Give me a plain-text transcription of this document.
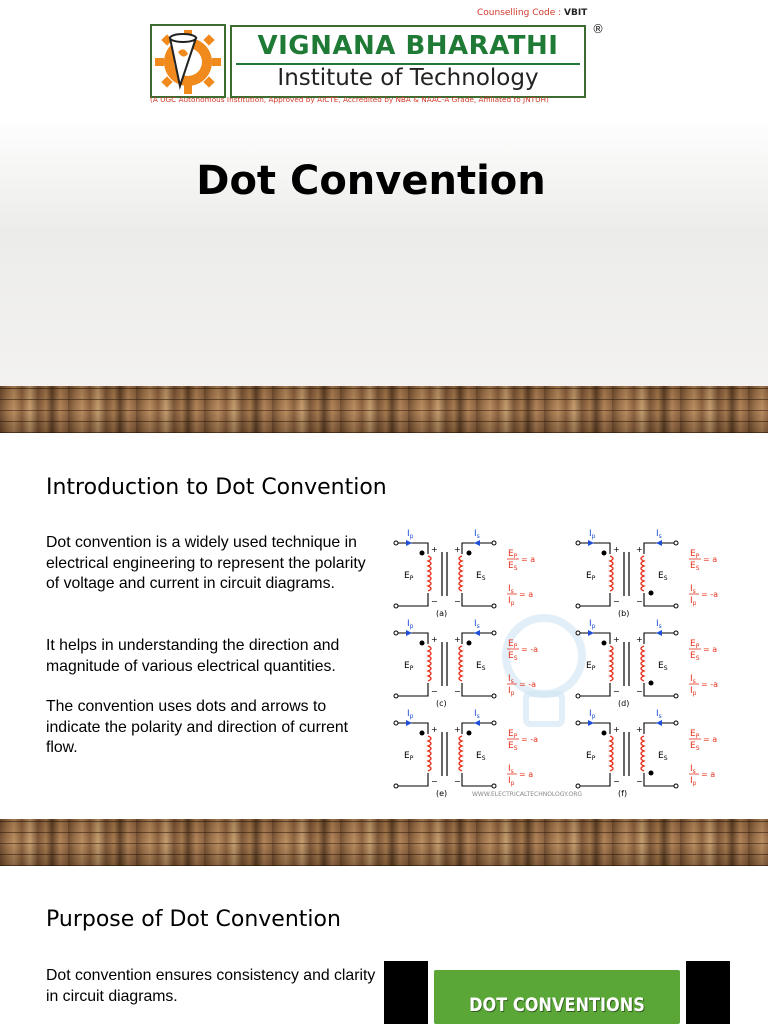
Counselling Code : VBIT
®
VIGNANA BHARATHI
Institute of Technology
(A UGC Autonomous Institution, Approved by AICTE, Accredited by NBA & NAAC-A Grade, Affiliated to JNTUH)
Dot Convention
Introduction to Dot Convention
Dot convention is a widely used technique in electrical engineering to represent the polarity of voltage and current in circuit diagrams.
It helps in understanding the direction and magnitude of various electrical quantities.
The convention uses dots and arrows to indicate the polarity and direction of current flow.
+ +
− −
$I_p$	$I_s$
$E_P$	$E_S$
$E_P$
$E_S$
= a
$I_s$
$I_p$
= a
(a)
+ +
− −
$I_p$	$I_s$
$E_P$	$E_S$
$E_P$
$E_S$
= a
$I_s$
$I_p$
= -a
(b)
+ +
− −
$I_p$	$I_s$
$E_P$	$E_S$
$E_P$
$E_S$
= -a
$I_s$
$I_p$
= -a
(c)
+ +
− −
$I_p$	$I_s$
$E_P$	$E_S$
$E_P$
$E_S$
= a
$I_s$
$I_p$
= -a
(d)
+ +
− −
$I_p$	$I_s$
$E_P$	$E_S$
$E_P$
$E_S$
= -a
$I_s$
$I_p$
= a
(e)
+ +
− −
$I_p$	$I_s$
$E_P$	$E_S$
$E_P$
$E_S$
= a
$I_s$
$I_p$
= a
(f)
WWW.ELECTRICALTECHNOLOGY.ORG
Purpose of Dot Convention
Dot convention ensures consistency and clarity in circuit diagrams.	DOT CONVENTIONS
